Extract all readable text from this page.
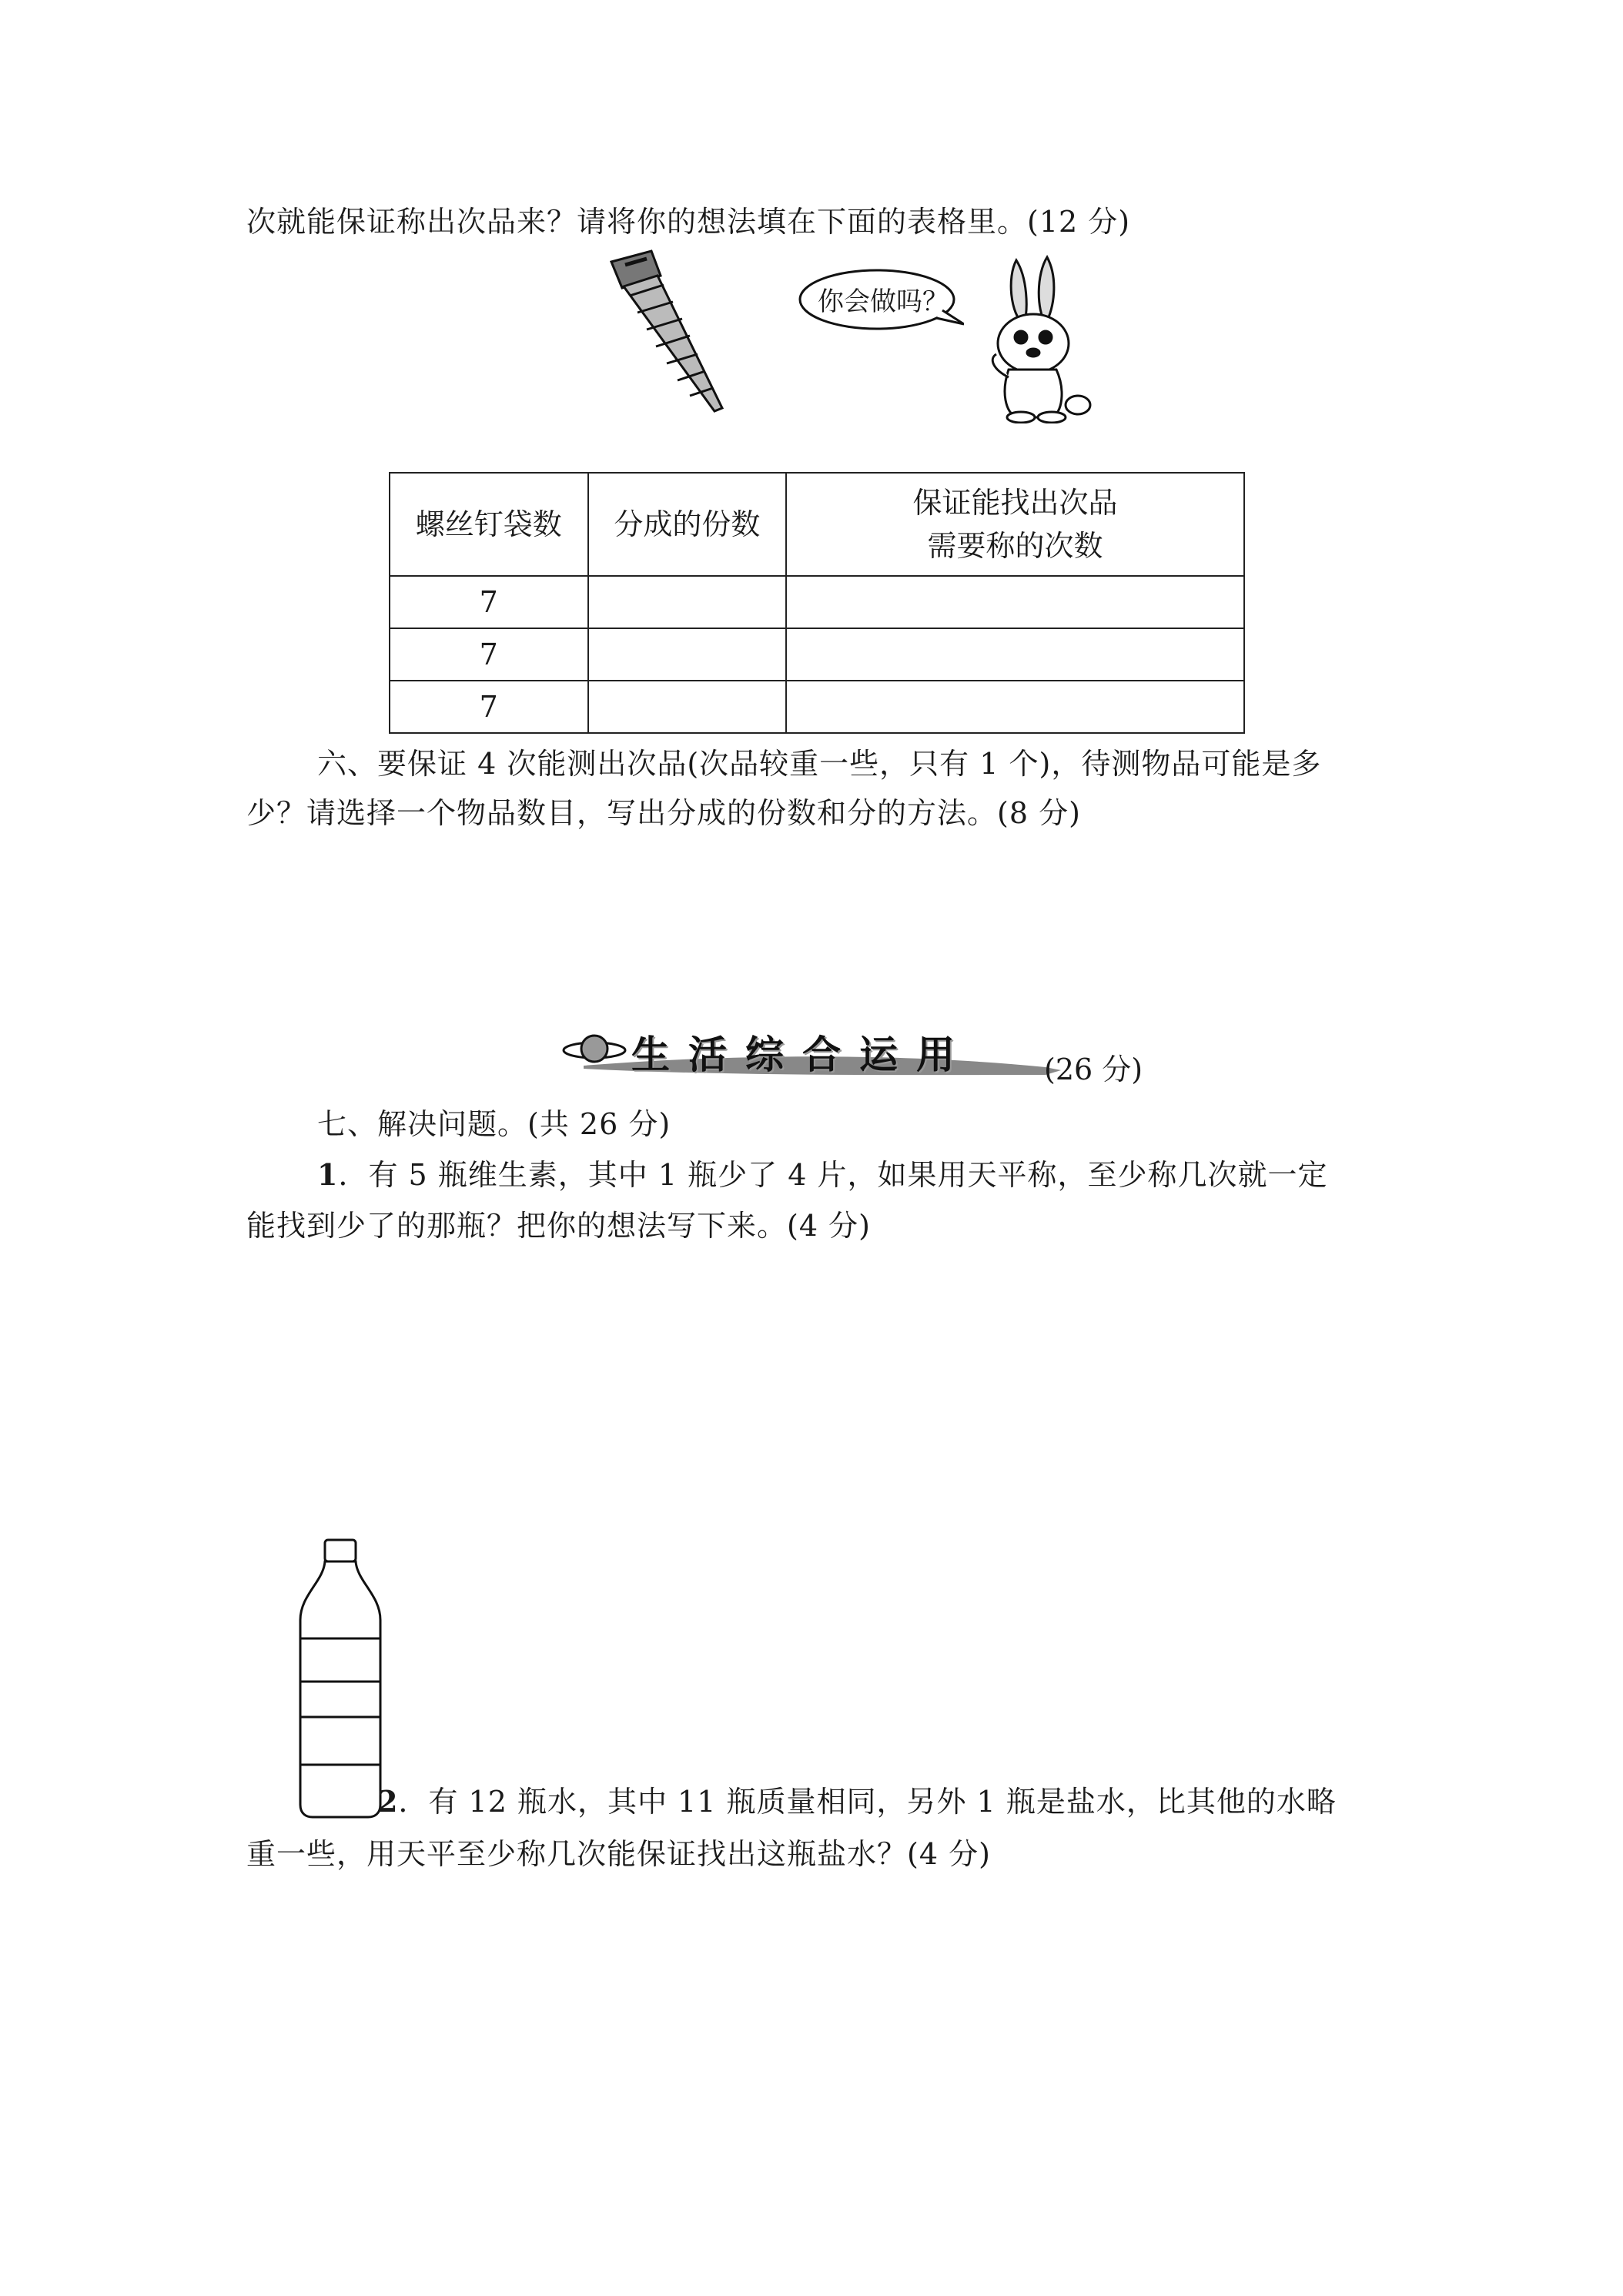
次就能保证称出次品来？请将你的想法填在下面的表格里。(12 分)
你会做吗？
螺丝钉袋数	分成的份数	保证能找出次品
需要称的次数

7		
7		
7		
六、要保证 4 次能测出次品(次品较重一些，只有 1 个)，待测物品可能是多
少？请选择一个物品数目，写出分成的份数和分的方法。(8 分)
生活综合运用 (26 分)
七、解决问题。(共 26 分)
1．有 5 瓶维生素，其中 1 瓶少了 4 片，如果用天平称，至少称几次就一定
能找到少了的那瓶？把你的想法写下来。(4 分)
2．有 12 瓶水，其中 11 瓶质量相同，另外 1 瓶是盐水，比其他的水略
重一些，用天平至少称几次能保证找出这瓶盐水？(4 分)
